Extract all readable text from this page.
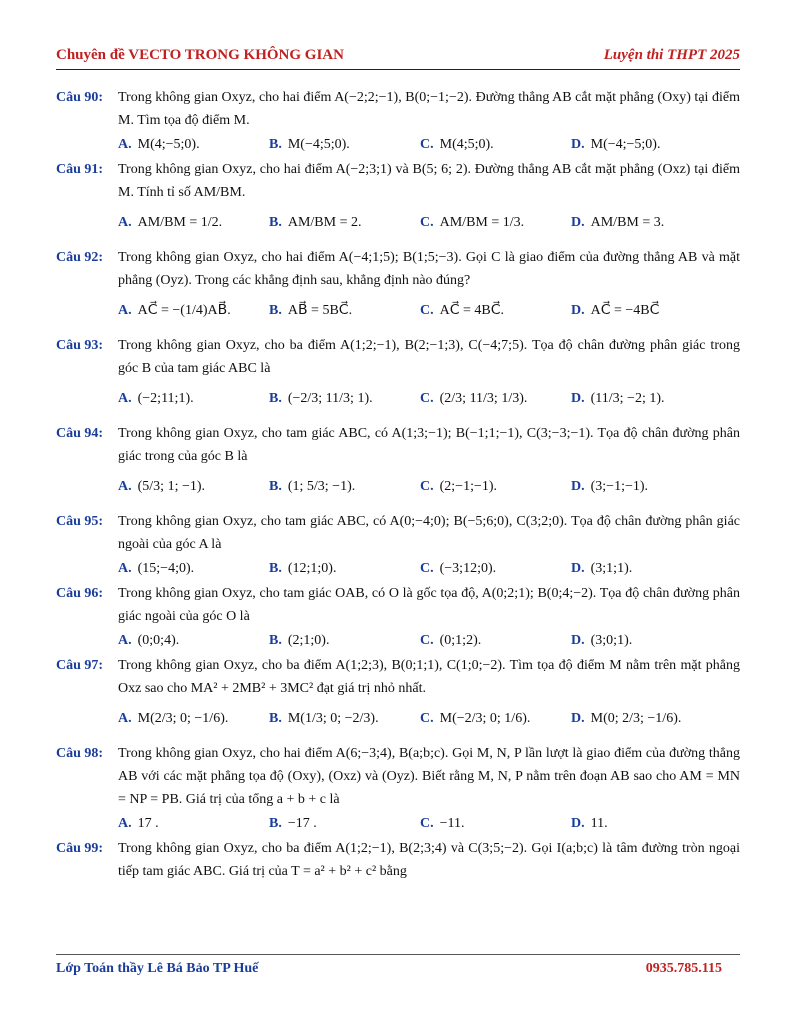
Chuyên đề VECTO TRONG KHÔNG GIAN	Luyện thi THPT 2025
Câu 90: Trong không gian Oxyz, cho hai điểm A(−2;2;−1), B(0;−1;−2). Đường thẳng AB cắt mặt phẳng (Oxy) tại điểm M. Tìm tọa độ điểm M.
A. M(4;−5;0).	B. M(−4;5;0).	C. M(4;5;0).	D. M(−4;−5;0).
Câu 91: Trong không gian Oxyz, cho hai điểm A(−2;3;1) và B(5; 6; 2). Đường thẳng AB cắt mặt phẳng (Oxz) tại điểm M. Tính tỉ số AM/BM.
A. AM/BM = 1/2.	B. AM/BM = 2.	C. AM/BM = 1/3.	D. AM/BM = 3.
Câu 92: Trong không gian Oxyz, cho hai điểm A(−4;1;5); B(1;5;−3). Gọi C là giao điểm của đường thẳng AB và mặt phẳng (Oyz). Trong các khẳng định sau, khẳng định nào đúng?
A. AC⃗ = −(1/4)AB⃗.	B. AB⃗ = 5BC⃗.	C. AC⃗ = 4BC⃗.	D. AC⃗ = −4BC⃗
Câu 93: Trong không gian Oxyz, cho ba điểm A(1;2;−1), B(2;−1;3), C(−4;7;5). Tọa độ chân đường phân giác trong góc B của tam giác ABC là
A. (−2;11;1).	B. (−2/3; 11/3; 1).	C. (2/3; 11/3; 1/3).	D. (11/3; −2; 1).
Câu 94: Trong không gian Oxyz, cho tam giác ABC, có A(1;3;−1); B(−1;1;−1), C(3;−3;−1). Tọa độ chân đường phân giác trong của góc B là
A. (5/3; 1; −1).	B. (1; 5/3; −1).	C. (2;−1;−1).	D. (3;−1;−1).
Câu 95: Trong không gian Oxyz, cho tam giác ABC, có A(0;−4;0); B(−5;6;0), C(3;2;0). Tọa độ chân đường phân giác ngoài của góc A là
A. (15;−4;0).	B. (12;1;0).	C. (−3;12;0).	D. (3;1;1).
Câu 96: Trong không gian Oxyz, cho tam giác OAB, có O là gốc tọa độ, A(0;2;1); B(0;4;−2). Tọa độ chân đường phân giác ngoài của góc O là
A. (0;0;4).	B. (2;1;0).	C. (0;1;2).	D. (3;0;1).
Câu 97: Trong không gian Oxyz, cho ba điểm A(1;2;3), B(0;1;1), C(1;0;−2). Tìm tọa độ điểm M nằm trên mặt phẳng Oxz sao cho MA² + 2MB² + 3MC² đạt giá trị nhỏ nhất.
A. M(2/3; 0; −1/6).	B. M(1/3; 0; −2/3).	C. M(−2/3; 0; 1/6).	D. M(0; 2/3; −1/6).
Câu 98: Trong không gian Oxyz, cho hai điểm A(6;−3;4), B(a;b;c). Gọi M, N, P lần lượt là giao điểm của đường thẳng AB với các mặt phẳng tọa độ (Oxy), (Oxz) và (Oyz). Biết rằng M, N, P nằm trên đoạn AB sao cho AM = MN = NP = PB. Giá trị của tổng a + b + c là
A. 17 .	B. −17 .	C. −11.	D. 11.
Câu 99: Trong không gian Oxyz, cho ba điểm A(1;2;−1), B(2;3;4) và C(3;5;−2). Gọi I(a;b;c) là tâm đường tròn ngoại tiếp tam giác ABC. Giá trị của T = a² + b² + c² bằng
Lớp Toán thầy Lê Bá Bảo TP Huế	0935.785.115
